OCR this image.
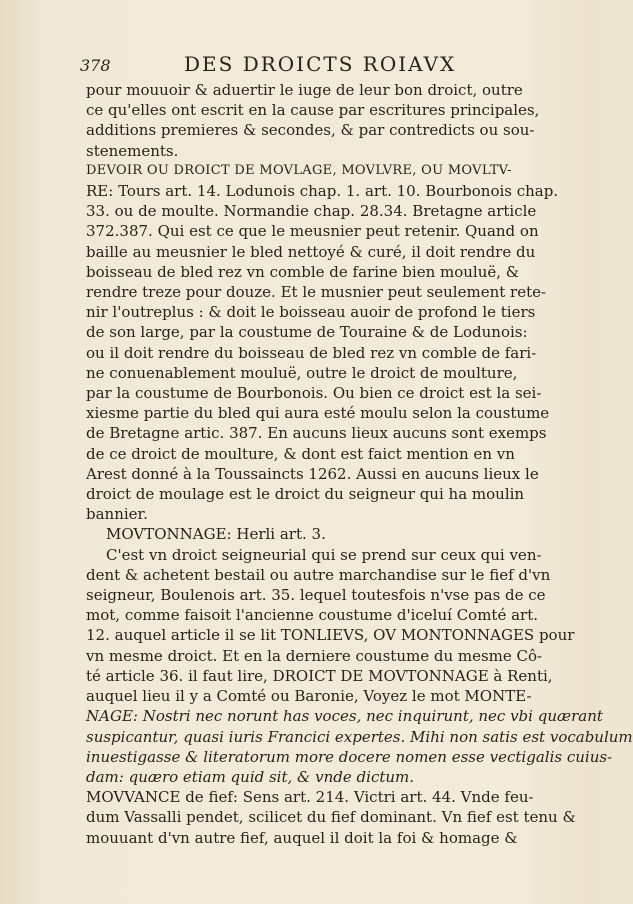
378	DES DROICTS ROIAVX
pour mouuoir & aduertir le iuge de leur bon droict, outre
ce qu'elles ont escrit en la cause par escritures principales,
additions premieres & secondes, & par contredicts ou sou-
stenements.
DEVOIR OU DROICT DE MOVLAGE, MOVLVRE, OU MOVLTV-
RE: Tours art. 14. Lodunois chap. 1. art. 10. Bourbonois chap.
33. ou de moulte. Normandie chap. 28.34. Bretagne article
372.387. Qui est ce que le meusnier peut retenir. Quand on
baille au meusnier le bled nettoyé & curé, il doit rendre du
boisseau de bled rez vn comble de farine bien mouluë, &
rendre treze pour douze. Et le musnier peut seulement rete-
nir l'outreplus : & doit le boisseau auoir de profond le tiers
de son large, par la coustume de Touraine & de Lodunois:
ou il doit rendre du boisseau de bled rez vn comble de fari-
ne conuenablement mouluë, outre le droict de moulture,
par la coustume de Bourbonois. Ou bien ce droict est la sei-
xiesme partie du bled qui aura esté moulu selon la coustume
de Bretagne artic. 387. En aucuns lieux aucuns sont exemps
de ce droict de moulture, & dont est faict mention en vn
Arest donné à la Toussaincts 1262. Aussi en aucuns lieux le
droict de moulage est le droict du seigneur qui ha moulin
bannier.
MOVTONNAGE: Herli art. 3.
C'est vn droict seigneurial qui se prend sur ceux qui ven-
dent & achetent bestail ou autre marchandise sur le fief d'vn
seigneur, Boulenois art. 35. lequel toutesfois n'vse pas de ce
mot, comme faisoit l'ancienne coustume d'iceluí Comté art.
12. auquel article il se lit TONLIEVS, OV MONTONNAGES pour
vn mesme droict. Et en la derniere coustume du mesme Cô-
té article 36. il faut lire, DROICT DE MOVTONNAGE à Renti,
auquel lieu il y a Comté ou Baronie, Voyez le mot MONTE-
NAGE: Nostri nec norunt has voces, nec inquirunt, nec vbi quærant
suspicantur, quasi iuris Francici expertes. Mihi non satis est vocabulum
inuestigasse & literatorum more docere nomen esse vectigalis cuius-
dam: quæro etiam quid sit, & vnde dictum.
MOVVANCE de fief: Sens art. 214. Victri art. 44. Vnde feu-
dum Vassalli pendet, scilicet du fief dominant. Vn fief est tenu &
mouuant d'vn autre fief, auquel il doit la foi & homage &
